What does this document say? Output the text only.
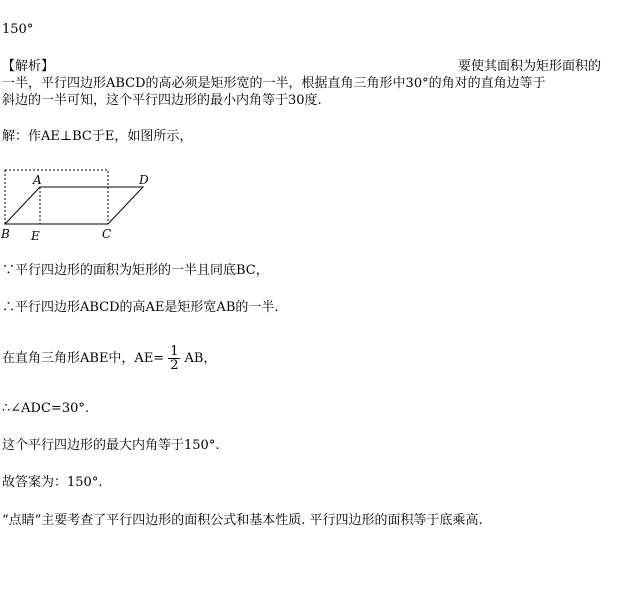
150°
【解析】	要使其面积为矩形面积的
一半，平行四边形ABCD的高必须是矩形宽的一半，根据直角三角形中30°的角对的直角边等于
斜边的一半可知，这个平行四边形的最小内角等于30度.
解：作AE⊥BC于E，如图所示，
A	D
B E	C
∵平行四边形的面积为矩形的一半且同底BC，
∴平行四边形ABCD的高AE是矩形宽AB的一半.
在直角三角形ABE中，$AE= \frac{1}{2}$ AB，
∴∠ADC=30°.
这个平行四边形的最大内角等于150°.
故答案为：150°.
“点睛”主要考查了平行四边形的面积公式和基本性质. 平行四边形的面积等于底乘高.
